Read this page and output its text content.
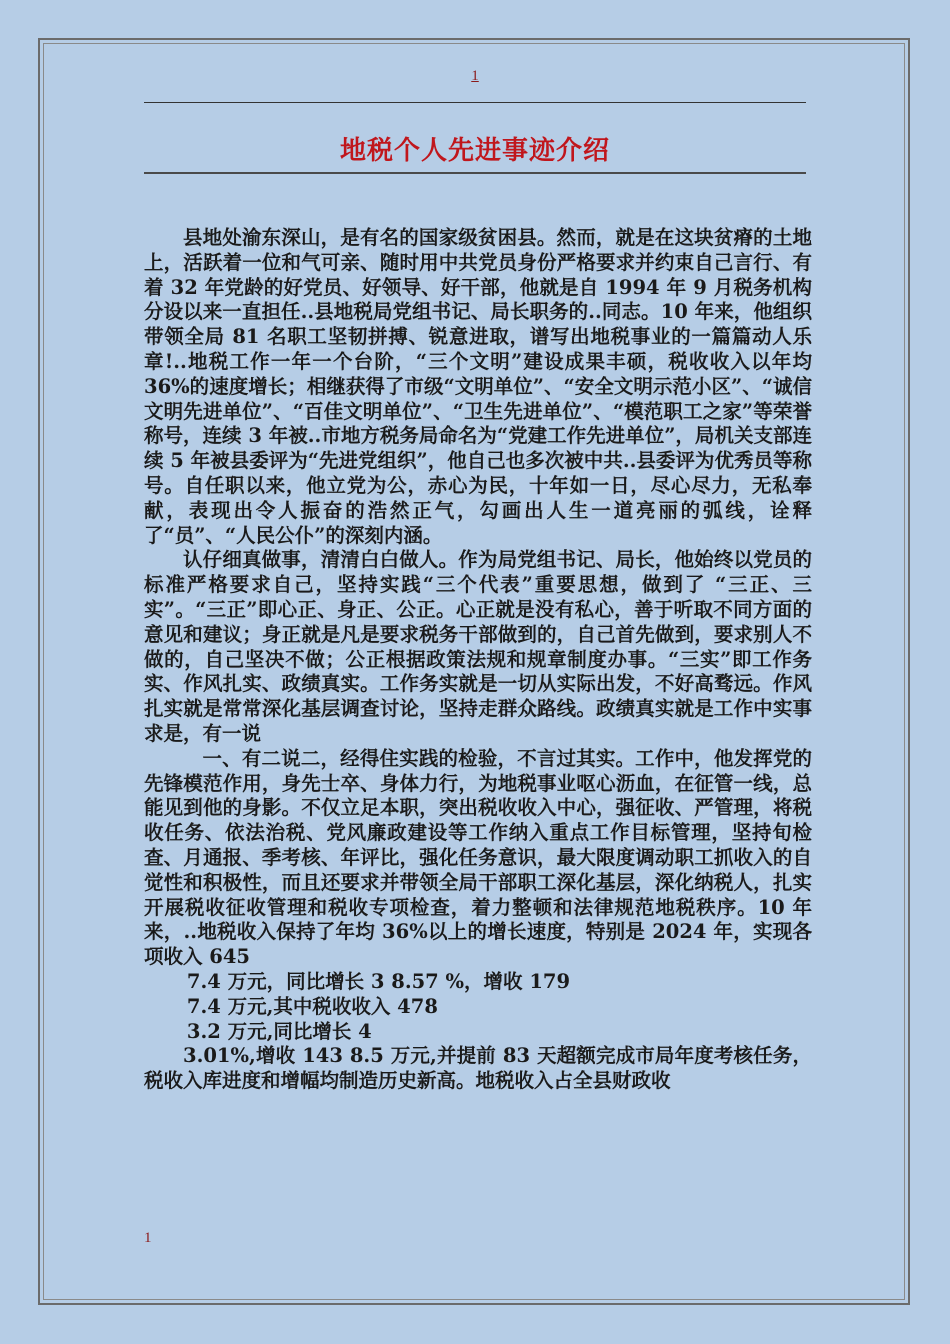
1
地税个人先进事迹介绍

县地处渝东深山，是有名的国家级贫困县。然而，就是在这块贫瘠的土地上，活跃着一位和气可亲、随时用中共党员身份严格要求并约束自己言行、有着 32 年党龄的好党员、好领导、好干部，他就是自 1994 年 9 月税务机构分设以来一直担任..县地税局党组书记、局长职务的..同志。10 年来，他组织带领全局 81 名职工坚韧拼搏、锐意进取，谱写出地税事业的一篇篇动人乐章!..地税工作一年一个台阶，“三个文明”建设成果丰硕，税收收入以年均 36%的速度增长；相继获得了市级“文明单位”、“安全文明示范小区”、“诚信文明先进单位”、“百佳文明单位”、“卫生先进单位”、“模范职工之家”等荣誉称号，连续 3 年被..市地方税务局命名为“党建工作先进单位”，局机关支部连续 5 年被县委评为“先进党组织”，他自己也多次被中共..县委评为优秀员等称号。自任职以来，他立党为公，赤心为民，十年如一日，尽心尽力，无私奉献，表现出令人振奋的浩然正气，勾画出人生一道亮丽的弧线，诠释了“员”、“人民公仆”的深刻内涵。

认仔细真做事，清清白白做人。作为局党组书记、局长，他始终以党员的标准严格要求自己，坚持实践“三个代表”重要思想，做到了 “三正、三实”。“三正”即心正、身正、公正。心正就是没有私心，善于听取不同方面的意见和建议；身正就是凡是要求税务干部做到的，自己首先做到，要求别人不做的，自己坚决不做；公正根据政策法规和规章制度办事。“三实”即工作务实、作风扎实、政绩真实。工作务实就是一切从实际出发，不好高骛远。作风扎实就是常常深化基层调查讨论，坚持走群众路线。政绩真实就是工作中实事求是，有一说

一、有二说二，经得住实践的检验，不言过其实。工作中，他发挥党的先锋模范作用，身先士卒、身体力行，为地税事业呕心沥血，在征管一线，总能见到他的身影。不仅立足本职，突出税收收入中心，强征收、严管理，将税收任务、依法治税、党风廉政建设等工作纳入重点工作目标管理，坚持旬检查、月通报、季考核、年评比，强化任务意识，最大限度调动职工抓收入的自觉性和积极性，而且还要求并带领全局干部职工深化基层，深化纳税人，扎实开展税收征收管理和税收专项检查，着力整顿和法律规范地税秩序。10 年来，..地税收入保持了年均 36%以上的增长速度，特别是 2024 年，实现各项收入 645

7.4 万元，同比增长 3 8.57 %，增收 179

7.4 万元,其中税收收入 478

3.2 万元,同比增长 4

3.01%,增收 143 8.5 万元,并提前 83 天超额完成市局年度考核任务，税收入库进度和增幅均制造历史新高。地税收入占全县财政收

1
